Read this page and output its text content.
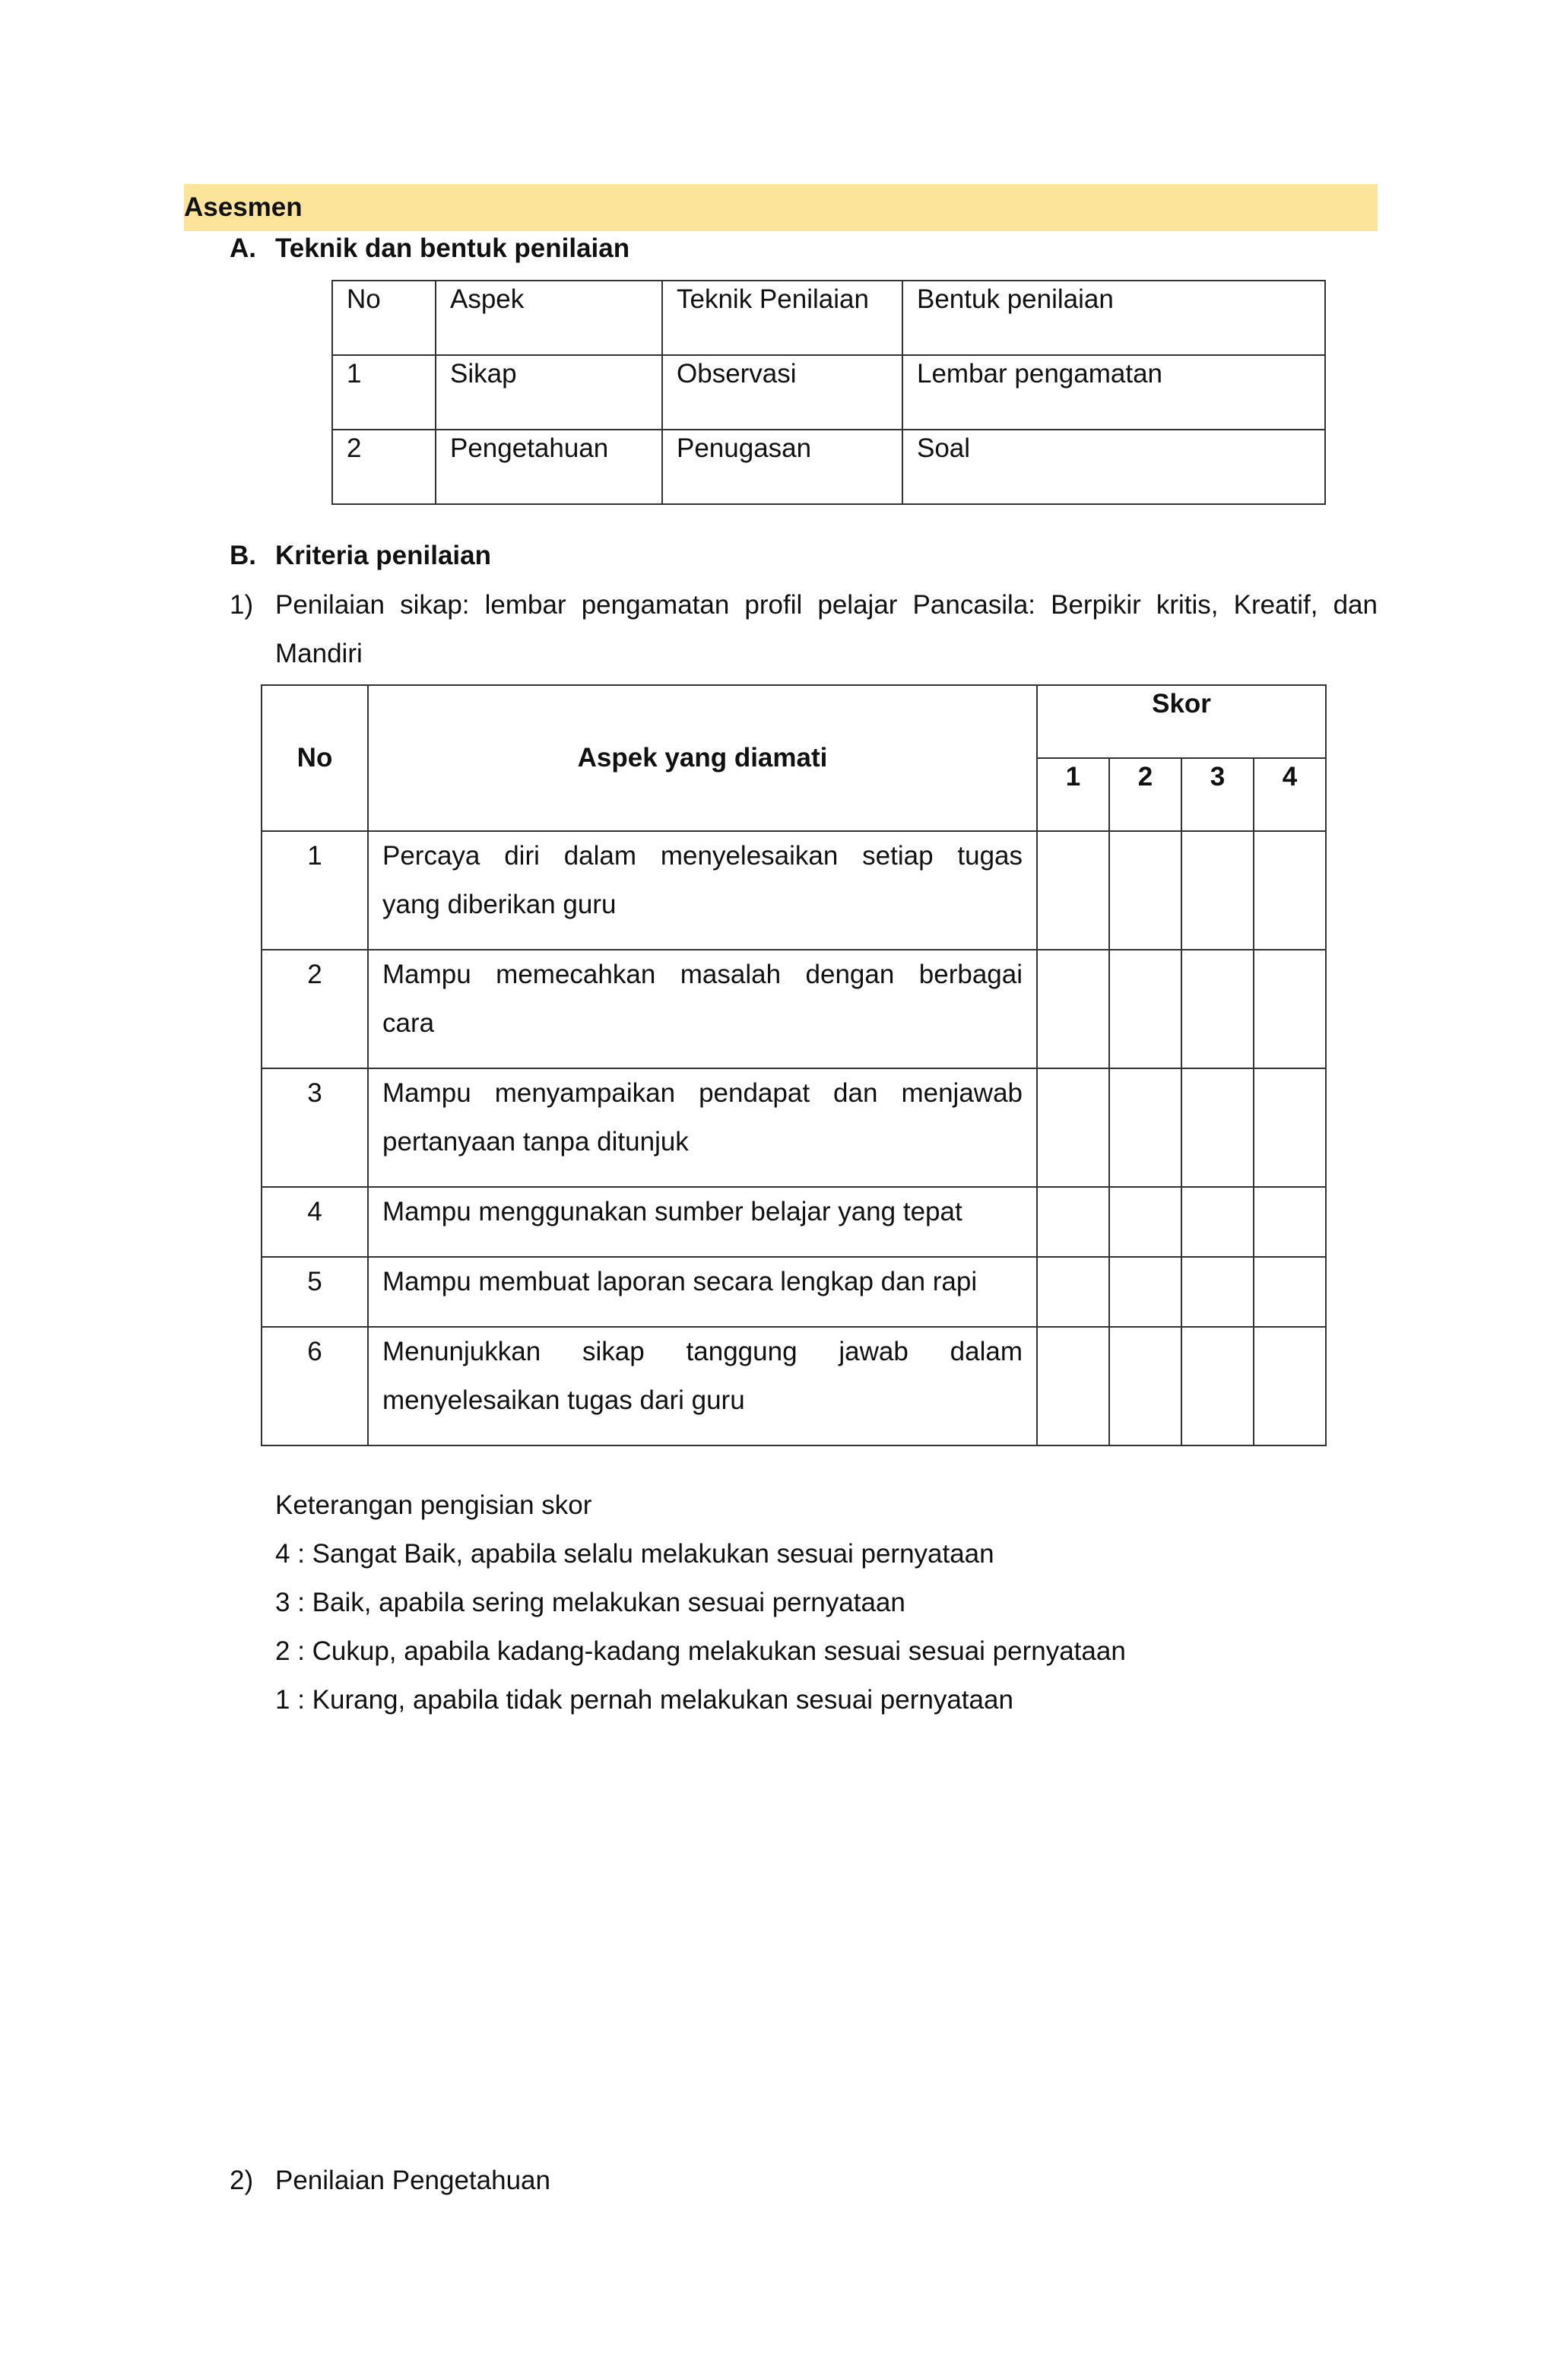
Asesmen
A. Teknik dan bentuk penilaian
No	Aspek	Teknik Penilaian	Bentuk penilaian
1	Sikap	Observasi	Lembar pengamatan
2	Pengetahuan	Penugasan	Soal
B. Kriteria penilaian
1) Penilaian sikap: lembar pengamatan profil pelajar Pancasila: Berpikir kritis, Kreatif, dan
Mandiri
No	Aspek yang diamati	Skor			
		1	2	3	4

1	Percaya diri dalam menyelesaikan setiap tugas
yang diberikan guru				

2	Mampu memecahkan masalah dengan berbagai
cara				

3	Mampu menyampaikan pendapat dan menjawab
pertanyaan tanpa ditunjuk				

4	Mampu menggunakan sumber belajar yang tepat				

5	Mampu membuat laporan secara lengkap dan rapi				

6	Menunjukkan sikap tanggung jawab dalam
menyelesaikan tugas dari guru				

Keterangan pengisian skor
4 : Sangat Baik, apabila selalu melakukan sesuai pernyataan
3 : Baik, apabila sering melakukan sesuai pernyataan
2 : Cukup, apabila kadang-kadang melakukan sesuai sesuai pernyataan
1 : Kurang, apabila tidak pernah melakukan sesuai pernyataan
2) Penilaian Pengetahuan
